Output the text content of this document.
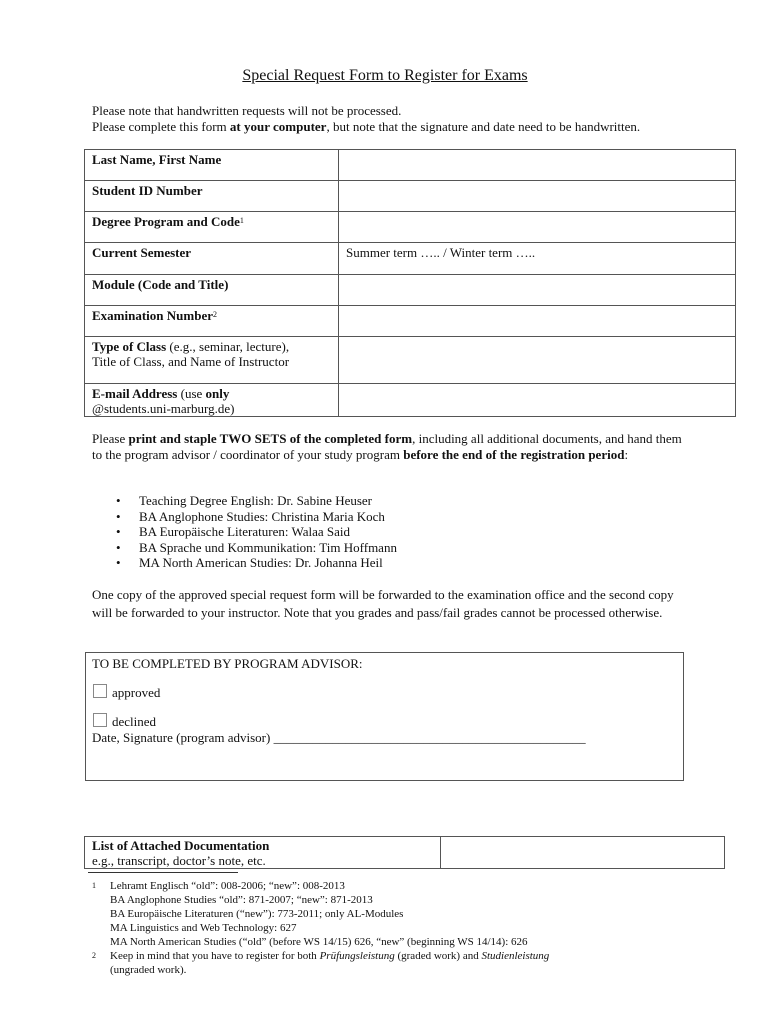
Special Request Form to Register for Exams

Please note that handwritten requests will not be processed.

Please complete this form at your computer, but note that the signature and date need to be handwritten.

Last Name, First Name	
Student ID Number	
Degree Program and Code$^1$	
Current Semester	Summer term ….. / Winter term …..
Module (Code and Title)	
Examination Number$^2$	
Type of Class (e.g., seminar, lecture),
Title of Class, and Name of Instructor	
E-mail Address (use only
@students.uni-marburg.de)	

Please print and staple TWO SETS of the completed form, including all additional documents, and hand them to the program advisor / coordinator of your study program before the end of the registration period:

• Teaching Degree English: Dr. Sabine Heuser
• BA Anglophone Studies: Christina Maria Koch
• BA Europäische Literaturen: Walaa Said
• BA Sprache und Kommunikation: Tim Hoffmann
• MA North American Studies: Dr. Johanna Heil

One copy of the approved special request form will be forwarded to the examination office and the second copy will be forwarded to your instructor. Note that you grades and pass/fail grades cannot be processed otherwise.

TO BE COMPLETED BY PROGRAM ADVISOR:
approved
declined
Date, Signature (program advisor) ________________________________________________
List of Attached Documentation
e.g., transcript, doctor’s note, etc.	
1 Lehramt Englisch “old”: 008-2006; “new”: 008-2013
BA Anglophone Studies “old”: 871-2007; “new”: 871-2013
BA Europäische Literaturen (“new”): 773-2011; only AL-Modules
MA Linguistics and Web Technology: 627
MA North American Studies (“old” (before WS 14/15) 626, “new” (beginning WS 14/14): 626
2 Keep in mind that you have to register for both Prüfungsleistung (graded work) and Studienleistung
(ungraded work).
